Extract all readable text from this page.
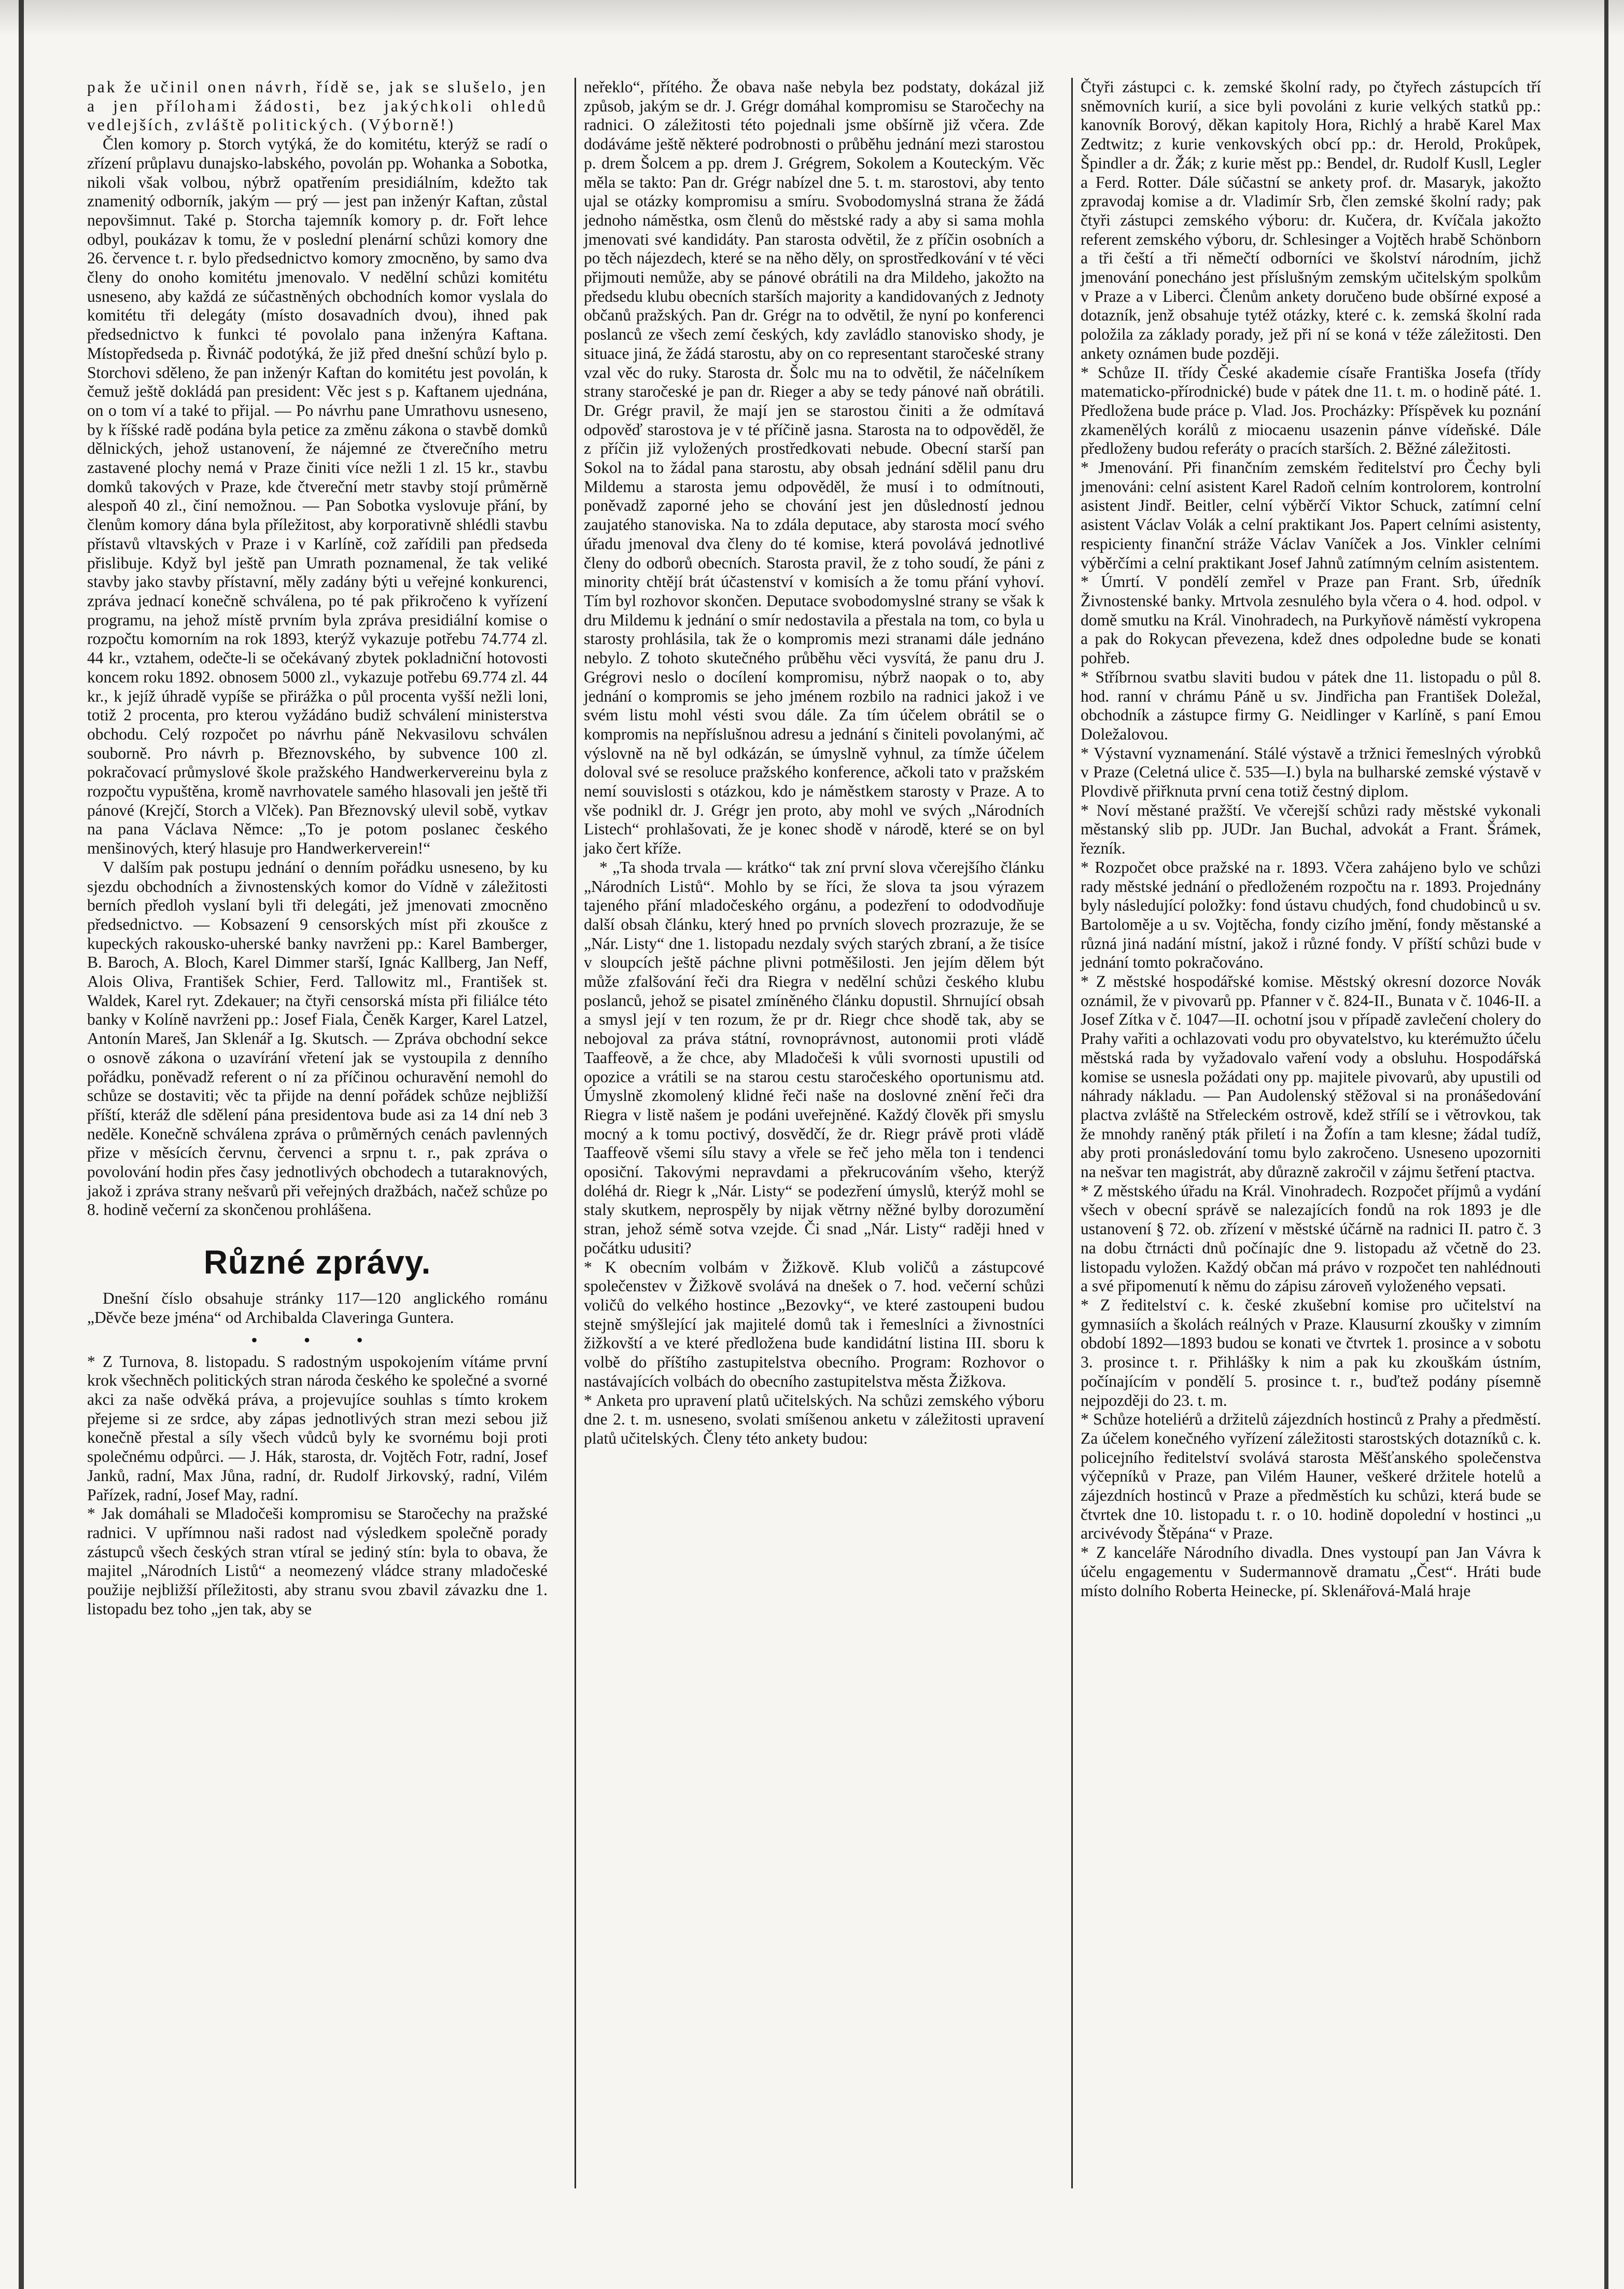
pak že učinil onen návrh, řídě se, jak se slušelo, jen a jen přílohami žádosti, bez jakýchkoli ohledů vedlejších, zvláště politických. (Výborně!)

Člen komory p. Storch vytýká, že do komitétu, kterýž se radí o zřízení průplavu dunajsko-labského, povolán pp. Wohanka a Sobotka, nikoli však volbou, nýbrž opatřením presidiálním, kdežto tak znamenitý odborník, jakým — prý — jest pan inženýr Kaftan, zůstal nepovšimnut. Také p. Storcha tajemník komory p. dr. Fořt lehce odbyl, poukázav k tomu, že v poslední plenární schůzi komory dne 26. července t. r. bylo předsednictvo komory zmocněno, by samo dva členy do onoho komitétu jmenovalo. V nedělní schůzi komitétu usneseno, aby každá ze súčastněných obchodních komor vyslala do komitétu tři delegáty (místo dosavadních dvou), ihned pak předsednictvo k funkci té povolalo pana inženýra Kaftana. Místopředseda p. Řivnáč podotýká, že již před dnešní schůzí bylo p. Storchovi sděleno, že pan inženýr Kaftan do komitétu jest povolán, k čemuž ještě dokládá pan president: Věc jest s p. Kaftanem ujednána, on o tom ví a také to přijal. — Po návrhu pane Umrathovu usneseno, by k říšské radě podána byla petice za změnu zákona o stavbě domků dělnických, jehož ustanovení, že nájemné ze čtverečního metru zastavené plochy nemá v Praze činiti více nežli 1 zl. 15 kr., stavbu domků takových v Praze, kde čtvereční metr stavby stojí průměrně alespoň 40 zl., činí nemožnou. — Pan Sobotka vyslovuje přání, by členům komory dána byla příležitost, aby korporativně shlédli stavbu přístavů vltavských v Praze i v Karlíně, což zařídili pan předseda přislibuje. Když byl ještě pan Umrath poznamenal, že tak veliké stavby jako stavby přístavní, měly zadány býti u veřejné konkurenci, zpráva jednací konečně schválena, po té pak přikročeno k vyřízení programu, na jehož místě prvním byla zpráva presidiální komise o rozpočtu komorním na rok 1893, kterýž vykazuje potřebu 74.774 zl. 44 kr., vztahem, odečte-li se očekávaný zbytek pokladniční hotovosti koncem roku 1892. obnosem 5000 zl., vykazuje potřebu 69.774 zl. 44 kr., k jejíž úhradě vypíše se přirážka o půl procenta vyšší nežli loni, totiž 2 procenta, pro kterou vyžádáno budiž schválení ministerstva obchodu. Celý rozpočet po návrhu páně Nekvasilovu schválen souborně. Pro návrh p. Březnovského, by subvence 100 zl. pokračovací průmyslové škole pražského Handwerkervereinu byla z rozpočtu vypuštěna, kromě navrhovatele samého hlasovali jen ještě tři pánové (Krejčí, Storch a Vlček). Pan Březnovský ulevil sobě, vytkav na pana Václava Němce: „To je potom poslanec českého menšinových, který hlasuje pro Handwerkerverein!“

V dalším pak postupu jednání o denním pořádku usneseno, by ku sjezdu obchodních a živnostenských komor do Vídně v záležitosti berních předloh vyslaní byli tři delegáti, jež jmenovati zmocněno předsednictvo. — Kobsazení 9 censorských míst při zkoušce z kupeckých rakousko-uherské banky navrženi pp.: Karel Bamberger, B. Baroch, A. Bloch, Karel Dimmer starší, Ignác Kallberg, Jan Neff, Alois Oliva, František Schier, Ferd. Tallowitz ml., František st. Waldek, Karel ryt. Zdekauer; na čtyři censorská místa při filiálce této banky v Kolíně navrženi pp.: Josef Fiala, Čeněk Karger, Karel Latzel, Antonín Mareš, Jan Sklenář a Ig. Skutsch. — Zpráva obchodní sekce o osnově zákona o uzavírání vřetení jak se vystoupila z denního pořádku, poněvadž referent o ní za příčinou ochuravění nemohl do schůze se dostaviti; věc ta přijde na denní pořádek schůze nejbližší příští, kteráž dle sdělení pána presidentova bude asi za 14 dní neb 3 neděle. Konečně schválena zpráva o průměrných cenách pavlenných přize v měsících červnu, červenci a srpnu t. r., pak zpráva o povolování hodin přes časy jednotlivých obchodech a tutaraknových, jakož i zpráva strany nešvarů při veřejných dražbách, načež schůze po 8. hodině večerní za skončenou prohlášena.

Různé zprávy.

Dnešní číslo obsahuje stránky 117—120 anglického románu „Děvče beze jména“ od Archibalda Claveringa Guntera.

• • •

* Z Turnova, 8. listopadu. S radostným uspokojením vítáme první krok všechněch politických stran národa českého ke společné a svorné akci za naše odvěká práva, a projevujíce souhlas s tímto krokem přejeme si ze srdce, aby zápas jednotlivých stran mezi sebou již konečně přestal a síly všech vůdců byly ke svornému boji proti společnému odpůrci. — J. Hák, starosta, dr. Vojtěch Fotr, radní, Josef Janků, radní, Max Jůna, radní, dr. Rudolf Jirkovský, radní, Vilém Pařízek, radní, Josef May, radní.

* Jak domáhali se Mladočeši kompromisu se Staročechy na pražské radnici. V upřímnou naši radost nad výsledkem společně porady zástupců všech českých stran vtíral se jediný stín: byla to obava, že majitel „Národních Listů“ a neomezený vládce strany mladočeské použije nejbližší příležitosti, aby stranu svou zbavil závazku dne 1. listopadu bez toho „jen tak, aby se

neřeklo“, přítého. Že obava naše nebyla bez podstaty, dokázal již způsob, jakým se dr. J. Grégr domáhal kompromisu se Staročechy na radnici. O záležitosti této pojednali jsme obšírně již včera. Zde dodáváme ještě některé podrobnosti o průběhu jednání mezi starostou p. drem Šolcem a pp. drem J. Grégrem, Sokolem a Kouteckým. Věc měla se takto: Pan dr. Grégr nabízel dne 5. t. m. starostovi, aby tento ujal se otázky kompromisu a smíru. Svobodomyslná strana že žádá jednoho náměstka, osm členů do městské rady a aby si sama mohla jmenovati své kandidáty. Pan starosta odvětil, že z příčin osobních a po těch nájezdech, které se na něho děly, on sprostředkování v té věci přijmouti nemůže, aby se pánové obrátili na dra Mildeho, jakožto na předsedu klubu obecních starších majority a kandidovaných z Jednoty občanů pražských. Pan dr. Grégr na to odvětil, že nyní po konferenci poslanců ze všech zemí českých, kdy zavládlo stanovisko shody, je situace jiná, že žádá starostu, aby on co representant staročeské strany vzal věc do ruky. Starosta dr. Šolc mu na to odvětil, že náčelníkem strany staročeské je pan dr. Rieger a aby se tedy pánové naň obrátili. Dr. Grégr pravil, že mají jen se starostou činiti a že odmítavá odpověď starostova je v té příčině jasna. Starosta na to odpověděl, že z příčin již vyložených prostředkovati nebude. Obecní starší pan Sokol na to žádal pana starostu, aby obsah jednání sdělil panu dru Mildemu a starosta jemu odpověděl, že musí i to odmítnouti, poněvadž zaporné jeho se chování jest jen důsledností jednou zaujatého stanoviska. Na to zdála deputace, aby starosta mocí svého úřadu jmenoval dva členy do té komise, která povolává jednotlivé členy do odborů obecních. Starosta pravil, že z toho soudí, že páni z minority chtějí brát účastenství v komisích a že tomu přání vyhoví. Tím byl rozhovor skončen. Deputace svobodomyslné strany se však k dru Mildemu k jednání o smír nedostavila a přestala na tom, co byla u starosty prohlásila, tak že o kompromis mezi stranami dále jednáno nebylo. Z tohoto skutečného průběhu věci vysvítá, že panu dru J. Grégrovi neslo o docílení kompromisu, nýbrž naopak o to, aby jednání o kompromis se jeho jménem rozbilo na radnici jakož i ve svém listu mohl vésti svou dále. Za tím účelem obrátil se o kompromis na nepříslušnou adresu a jednání s činiteli povolanými, ač výslovně na ně byl odkázán, se úmyslně vyhnul, za tímže účelem doloval své se resoluce pražského konference, ačkoli tato v pražském nemí souvislosti s otázkou, kdo je náměstkem starosty v Praze. A to vše podnikl dr. J. Grégr jen proto, aby mohl ve svých „Národních Listech“ prohlašovati, že je konec shodě v národě, které se on byl jako čert kříže.

* „Ta shoda trvala — krátko“ tak zní první slova včerejšího článku „Národních Listů“. Mohlo by se říci, že slova ta jsou výrazem tajeného přání mladočeského orgánu, a podezření to ododvodňuje další obsah článku, který hned po prvních slovech prozrazuje, že se „Nár. Listy“ dne 1. listopadu nezdaly svých starých zbraní, a že tisíce v sloupcích ještě páchne plivni potměšilosti. Jen jejím dělem být může zfalšování řeči dra Riegra v nedělní schůzi českého klubu poslanců, jehož se pisatel zmíněného článku dopustil. Shrnující obsah a smysl její v ten rozum, že pr dr. Riegr chce shodě tak, aby se nebojoval za práva státní, rovnoprávnost, autonomii proti vládě Taaffeově, a že chce, aby Mladočeši k vůli svornosti upustili od opozice a vrátili se na starou cestu staročeského oportunismu atd. Úmyslně zkomolený klidné řeči naše na doslovné znění řeči dra Riegra v listě našem je podáni uveřejněné. Každý člověk při smyslu mocný a k tomu poctivý, dosvědčí, že dr. Riegr právě proti vládě Taaffeově všemi sílu stavy a vřele se řeč jeho měla ton i tendenci oposiční. Takovými nepravdami a překrucováním všeho, kterýž doléhá dr. Riegr k „Nár. Listy“ se podezření úmyslů, kterýž mohl se staly skutkem, neprospěly by nijak větrny něžné bylby dorozumění stran, jehož sémě sotva vzejde. Či snad „Nár. Listy“ raději hned v počátku udusiti?

* K obecním volbám v Žižkově. Klub voličů a zástupcové společenstev v Žižkově svolává na dnešek o 7. hod. večerní schůzi voličů do velkého hostince „Bezovky“, ve které zastoupeni budou stejně smýšlející jak majitelé domů tak i řemeslníci a živnostníci žižkovští a ve které předložena bude kandidátní listina III. sboru k volbě do příštího zastupitelstva obecního. Program: Rozhovor o nastávajících volbách do obecního zastupitelstva města Žižkova.

* Anketa pro upravení platů učitelských. Na schůzi zemského výboru dne 2. t. m. usneseno, svolati smíšenou anketu v záležitosti upravení platů učitelských. Členy této ankety budou:

Čtyři zástupci c. k. zemské školní rady, po čtyřech zástupcích tří sněmovních kurií, a sice byli povoláni z kurie velkých statků pp.: kanovník Borový, děkan kapitoly Hora, Richlý a hrabě Karel Max Zedtwitz; z kurie venkovských obcí pp.: dr. Herold, Prokůpek, Špindler a dr. Žák; z kurie měst pp.: Bendel, dr. Rudolf Kusll, Legler a Ferd. Rotter. Dále súčastní se ankety prof. dr. Masaryk, jakožto zpravodaj komise a dr. Vladimír Srb, člen zemské školní rady; pak čtyři zástupci zemského výboru: dr. Kučera, dr. Kvíčala jakožto referent zemského výboru, dr. Schlesinger a Vojtěch hrabě Schönborn a tři čeští a tři němečtí odborníci ve školství národním, jichž jmenování ponecháno jest příslušným zemským učitelským spolkům v Praze a v Liberci. Členům ankety doručeno bude obšírné exposé a dotazník, jenž obsahuje tytéž otázky, které c. k. zemská školní rada položila za základy porady, jež při ní se koná v téže záležitosti. Den ankety oznámen bude později.

* Schůze II. třídy České akademie císaře Františka Josefa (třídy matematicko-přírodnické) bude v pátek dne 11. t. m. o hodině páté. 1. Předložena bude práce p. Vlad. Jos. Procházky: Příspěvek ku poznání zkamenělých korálů z miocaenu usazenin pánve vídeňské. Dále předloženy budou referáty o pracích starších. 2. Běžné záležitosti.

* Jmenování. Při finančním zemském ředitelství pro Čechy byli jmenováni: celní asistent Karel Radoň celním kontrolorem, kontrolní asistent Jindř. Beitler, celní výběrčí Viktor Schuck, zatímní celní asistent Václav Volák a celní praktikant Jos. Papert celními asistenty, respicienty finanční stráže Václav Vaníček a Jos. Vinkler celními výběrčími a celní praktikant Josef Jahnů zatímným celním asistentem.

* Úmrtí. V pondělí zemřel v Praze pan Frant. Srb, úředník Živnostenské banky. Mrtvola zesnulého byla včera o 4. hod. odpol. v domě smutku na Král. Vinohradech, na Purkyňově náměstí vykropena a pak do Rokycan převezena, kdež dnes odpoledne bude se konati pohřeb.

* Stříbrnou svatbu slaviti budou v pátek dne 11. listopadu o půl 8. hod. ranní v chrámu Páně u sv. Jindřicha pan František Doležal, obchodník a zástupce firmy G. Neidlinger v Karlíně, s paní Emou Doležalovou.

* Výstavní vyznamenání. Stálé výstavě a tržnici řemeslných výrobků v Praze (Celetná ulice č. 535—I.) byla na bulharské zemské výstavě v Plovdivě přiřknuta první cena totiž čestný diplom.

* Noví městané pražští. Ve včerejší schůzi rady městské vykonali městanský slib pp. JUDr. Jan Buchal, advokát a Frant. Šrámek, řezník.

* Rozpočet obce pražské na r. 1893. Včera zahájeno bylo ve schůzi rady městské jednání o předloženém rozpočtu na r. 1893. Projednány byly následující položky: fond ústavu chudých, fond chudobinců u sv. Bartoloměje a u sv. Vojtěcha, fondy cizího jmění, fondy městanské a různá jiná nadání místní, jakož i různé fondy. V příští schůzi bude v jednání tomto pokračováno.

* Z městské hospodářské komise. Městský okresní dozorce Novák oznámil, že v pivovarů pp. Pfanner v č. 824-II., Bunata v č. 1046-II. a Josef Zítka v č. 1047—II. ochotní jsou v případě zavlečení cholery do Prahy vařiti a ochlazovati vodu pro obyvatelstvo, ku kterémužto účelu městská rada by vyžadovalo vaření vody a obsluhu. Hospodářská komise se usnesla požádati ony pp. majitele pivovarů, aby upustili od náhrady nákladu. — Pan Audolenský stěžoval si na pronášedování plactva zvláště na Střeleckém ostrově, kdež střílí se i větrovkou, tak že mnohdy raněný pták přiletí i na Žofín a tam klesne; žádal tudíž, aby proti pronásledování tomu bylo zakročeno. Usneseno upozorniti na nešvar ten magistrát, aby důrazně zakročil v zájmu šetření ptactva.

* Z městského úřadu na Král. Vinohradech. Rozpočet příjmů a vydání všech v obecní správě se nalezajících fondů na rok 1893 je dle ustanovení § 72. ob. zřízení v městské účárně na radnici II. patro č. 3 na dobu čtrnácti dnů počínajíc dne 9. listopadu až včetně do 23. listopadu vyložen. Každý občan má právo v rozpočet ten nahlédnouti a své připomenutí k němu do zápisu zároveň vyloženého vepsati.

* Z ředitelství c. k. české zkušební komise pro učitelství na gymnasiích a školách reálných v Praze. Klausurní zkoušky v zimním období 1892—1893 budou se konati ve čtvrtek 1. prosince a v sobotu 3. prosince t. r. Přihlášky k nim a pak ku zkouškám ústním, počínajícím v pondělí 5. prosince t. r., buďtež podány písemně nejpozději do 23. t. m.

* Schůze hoteliérů a držitelů zájezdních hostinců z Prahy a předměstí. Za účelem konečného vyřízení záležitosti starostských dotazníků c. k. policejního ředitelství svolává starosta Měšťanského společenstva výčepníků v Praze, pan Vilém Hauner, veškeré držitele hotelů a zájezdních hostinců v Praze a předměstích ku schůzi, která bude se čtvrtek dne 10. listopadu t. r. o 10. hodině dopolední v hostinci „u arcivévody Štěpána“ v Praze.

* Z kanceláře Národního divadla. Dnes vystoupí pan Jan Vávra k účelu engagementu v Sudermannově dramatu „Čest“. Hráti bude místo dolního Roberta Heinecke, pí. Sklenářová-Malá hraje
